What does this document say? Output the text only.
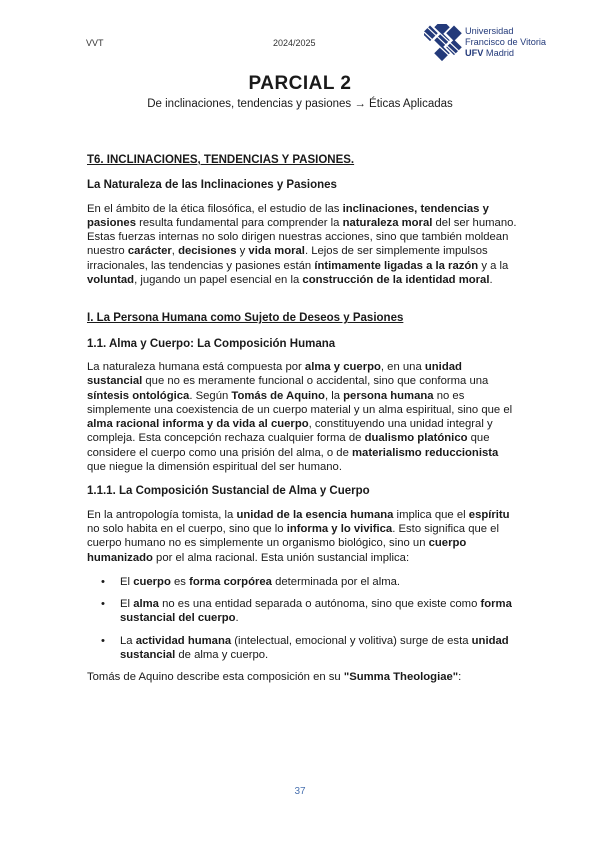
VVT	2024/2025
Universidad
Francisco de Vitoria
UFV Madrid
PARCIAL 2
De inclinaciones, tendencias y pasiones → Éticas Aplicadas
T6. INCLINACIONES, TENDENCIAS Y PASIONES.
La Naturaleza de las Inclinaciones y Pasiones

En el ámbito de la ética filosófica, el estudio de las inclinaciones, tendencias y pasiones resulta fundamental para comprender la naturaleza moral del ser humano. Estas fuerzas internas no solo dirigen nuestras acciones, sino que también moldean nuestro carácter, decisiones y vida moral. Lejos de ser simplemente impulsos irracionales, las tendencias y pasiones están íntimamente ligadas a la razón y a la voluntad, jugando un papel esencial en la construcción de la identidad moral.

I. La Persona Humana como Sujeto de Deseos y Pasiones
1.1. Alma y Cuerpo: La Composición Humana

La naturaleza humana está compuesta por alma y cuerpo, en una unidad sustancial que no es meramente funcional o accidental, sino que conforma una síntesis ontológica. Según Tomás de Aquino, la persona humana no es simplemente una coexistencia de un cuerpo material y un alma espiritual, sino que el alma racional informa y da vida al cuerpo, constituyendo una unidad integral y compleja. Esta concepción rechaza cualquier forma de dualismo platónico que considere el cuerpo como una prisión del alma, o de materialismo reduccionista que niegue la dimensión espiritual del ser humano.

1.1.1. La Composición Sustancial de Alma y Cuerpo

En la antropología tomista, la unidad de la esencia humana implica que el espíritu no solo habita en el cuerpo, sino que lo informa y lo vivifica. Esto significa que el cuerpo humano no es simplemente un organismo biológico, sino un cuerpo humanizado por el alma racional. Esta unión sustancial implica:

• El cuerpo es forma corpórea determinada por el alma.
• El alma no es una entidad separada o autónoma, sino que existe como forma sustancial del cuerpo.
• La actividad humana (intelectual, emocional y volitiva) surge de esta unidad sustancial de alma y cuerpo.

Tomás de Aquino describe esta composición en su "Summa Theologiae":

37
